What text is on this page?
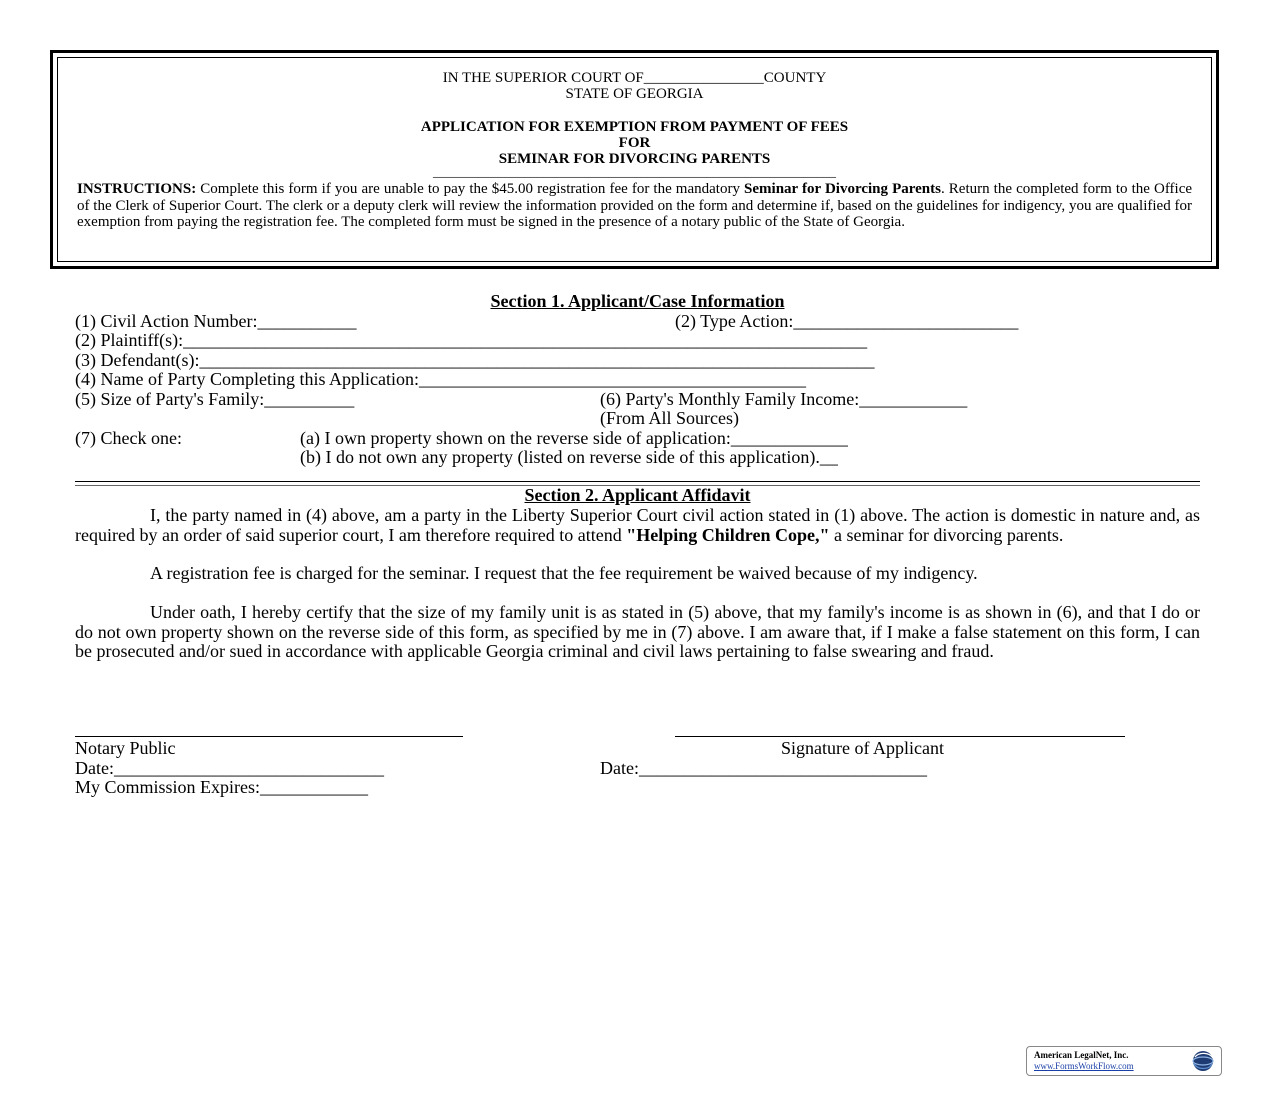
IN THE SUPERIOR COURT OF________________COUNTY
STATE OF GEORGIA
APPLICATION FOR EXEMPTION FROM PAYMENT OF FEES
FOR
SEMINAR FOR DIVORCING PARENTS
______________________________________________________________
INSTRUCTIONS: Complete this form if you are unable to pay the $45.00 registration fee for the mandatory Seminar for Divorcing Parents. Return the completed form to the Office of the Clerk of Superior Court. The clerk or a deputy clerk will review the information provided on the form and determine if, based on the guidelines for indigency, you are qualified for exemption from paying the registration fee. The completed form must be signed in the presence of a notary public of the State of Georgia.
Section 1. Applicant/Case Information
(1) Civil Action Number:___________	(2) Type Action:_________________________
(2) Plaintiff(s):____________________________________________________________________________
(3) Defendant(s):___________________________________________________________________________
(4) Name of Party Completing this Application:___________________________________________
(5) Size of Party's Family:__________	(6) Party's Monthly Family Income:____________
(From All Sources)
(7) Check one:	(a) I own property shown on the reverse side of application:_____________
(b) I do not own any property (listed on reverse side of this application).__
Section 2. Applicant Affidavit
I, the party named in (4) above, am a party in the Liberty Superior Court civil action stated in (1) above. The action is domestic in nature and, as required by an order of said superior court, I am therefore required to attend "Helping Children Cope," a seminar for divorcing parents.
A registration fee is charged for the seminar. I request that the fee requirement be waived because of my indigency.
Under oath, I hereby certify that the size of my family unit is as stated in (5) above, that my family's income is as shown in (6), and that I do or do not own property shown on the reverse side of this form, as specified by me in (7) above. I am aware that, if I make a false statement on this form, I can be prosecuted and/or sued in accordance with applicable Georgia criminal and civil laws pertaining to false swearing and fraud.
Notary Public	Signature of Applicant
Date:______________________________	Date:________________________________
My Commission Expires:____________
American LegalNet, Inc.
www.FormsWorkFlow.com
